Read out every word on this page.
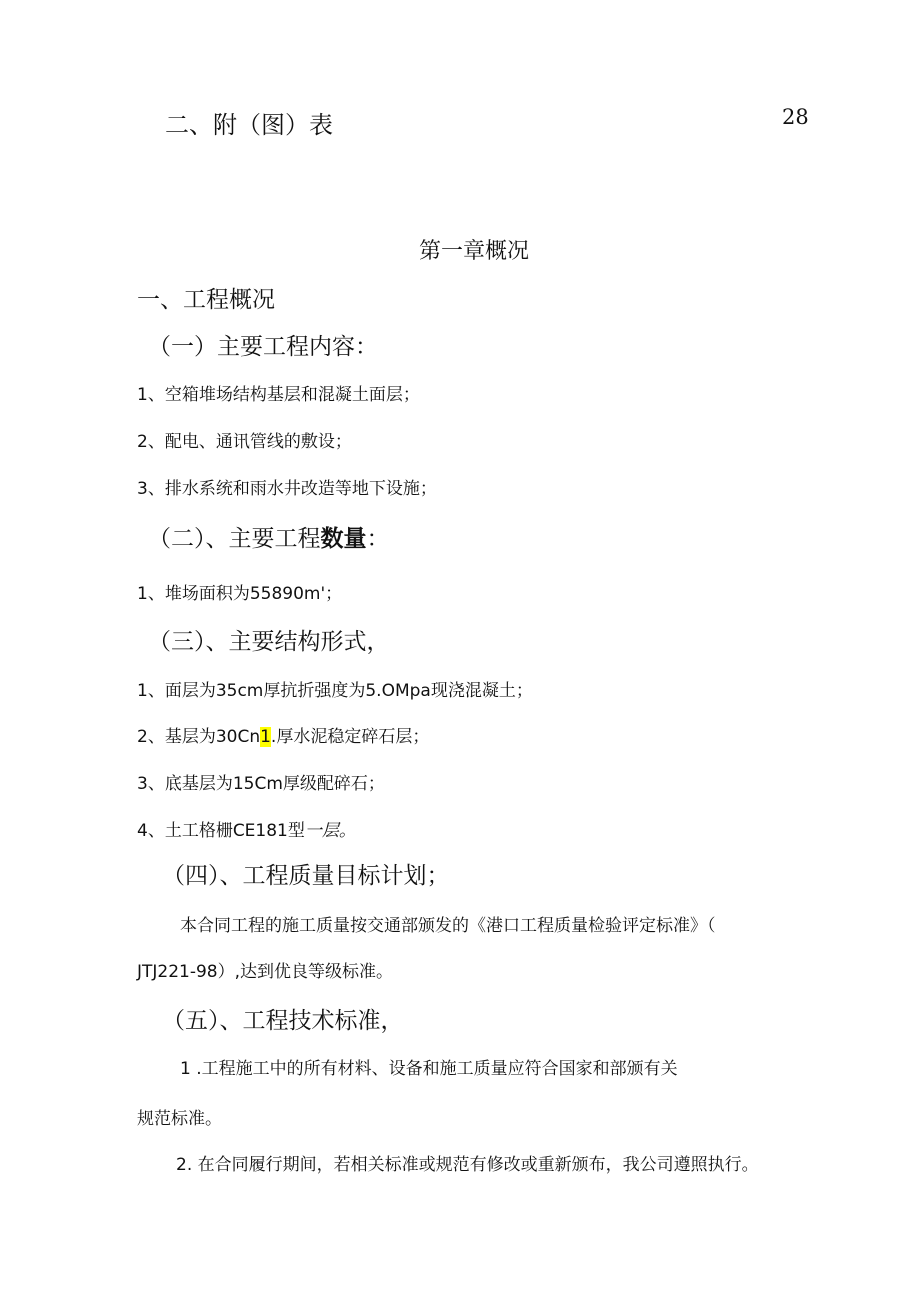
二、附（图）表	28
第一章概况
一、工程概况
（一）主要工程内容：
1、空箱堆场结构基层和混凝土面层；
2、配电、通讯管线的敷设；
3、排水系统和雨水井改造等地下设施；
（二）、主要工程数量：
1、堆场面积为55890m'；
（三）、主要结构形式，
1、面层为35cm厚抗折强度为5.OMpa现浇混凝土；
2、基层为30Cn1.厚水泥稳定碎石层；
3、底基层为15Cm厚级配碎石；
4、土工格栅CE181型一层。
（四）、工程质量目标计划；
本合同工程的施工质量按交通部颁发的《港口工程质量检验评定标准》（
JTJ221-98）,达到优良等级标准。
（五）、工程技术标准，
1 .工程施工中的所有材料、设备和施工质量应符合国家和部颁有关
规范标准。
2. 在合同履行期间，若相关标准或规范有修改或重新颁布，我公司遵照执行。
